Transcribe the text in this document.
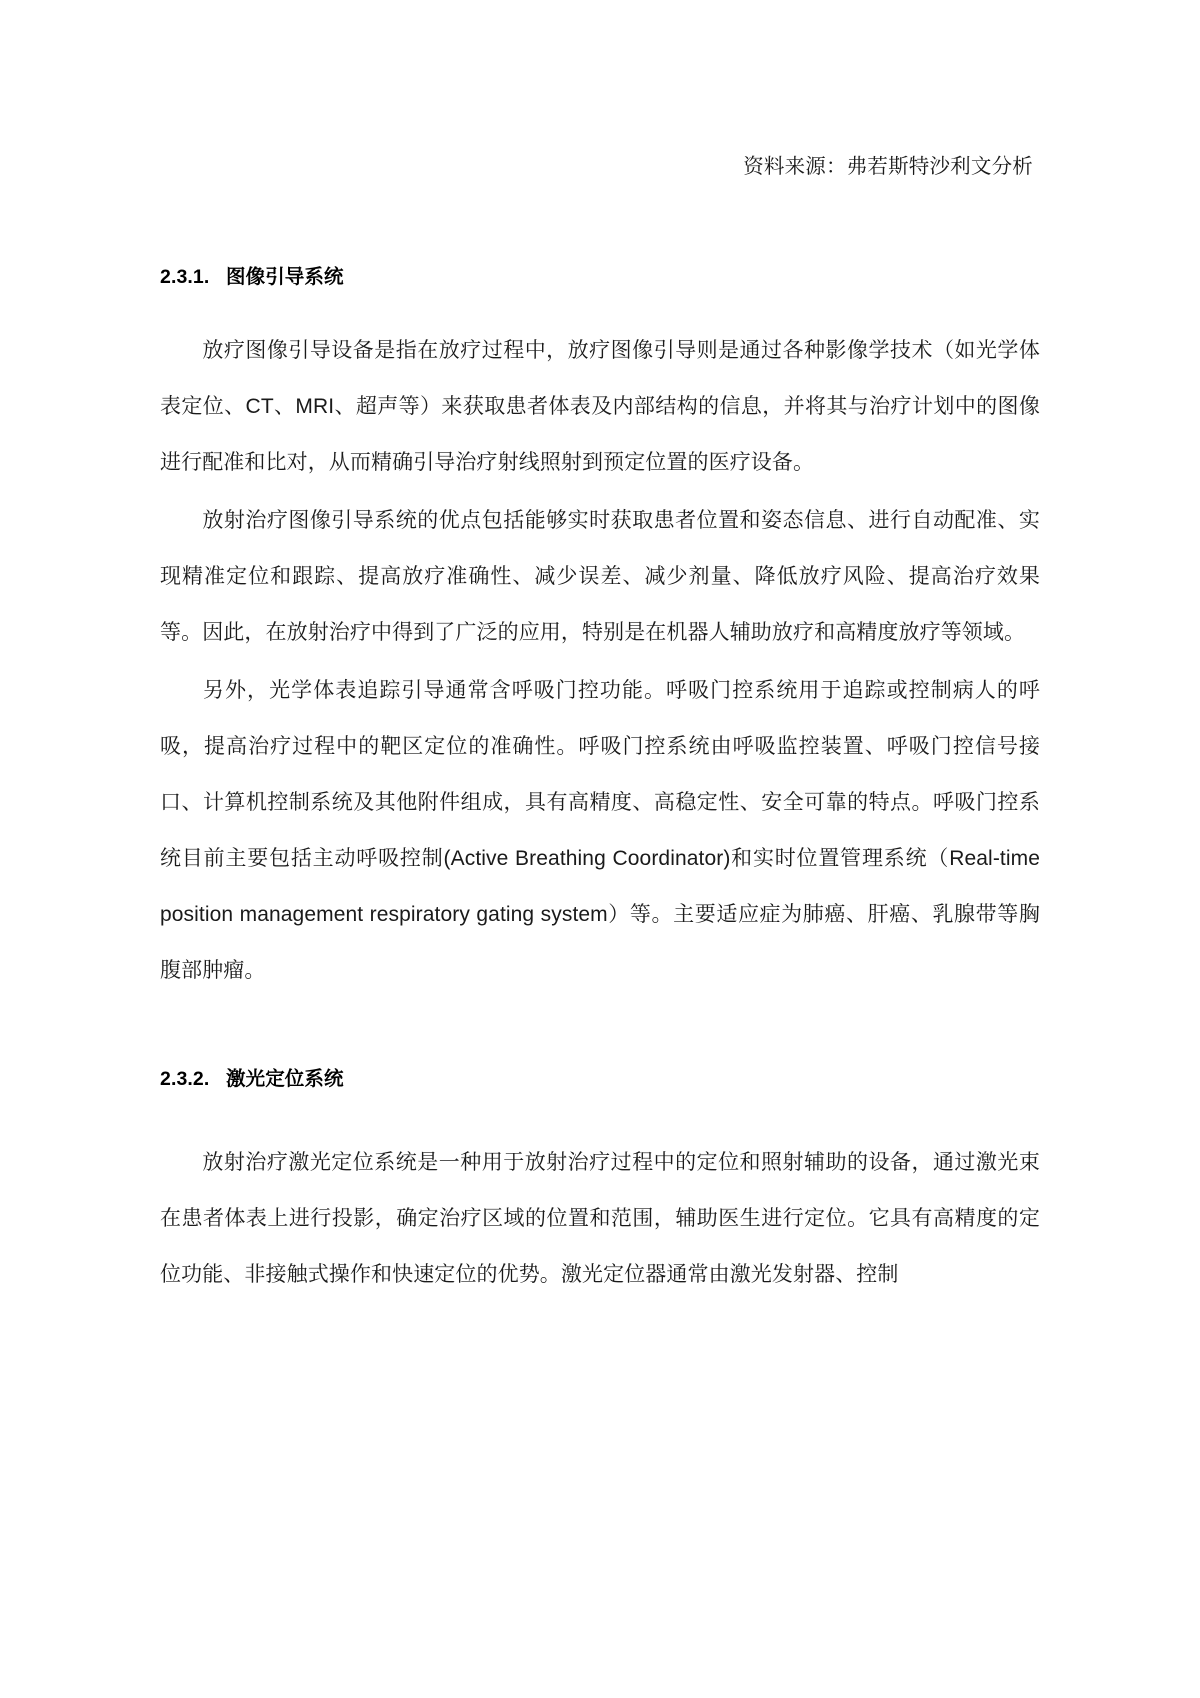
资料来源：弗若斯特沙利文分析
2.3.1. 图像引导系统

放疗图像引导设备是指在放疗过程中，放疗图像引导则是通过各种影像学技术（如光学体表定位、CT、MRI、超声等）来获取患者体表及内部结构的信息，并将其与治疗计划中的图像进行配准和比对，从而精确引导治疗射线照射到预定位置的医疗设备。

放射治疗图像引导系统的优点包括能够实时获取患者位置和姿态信息、进行自动配准、实现精准定位和跟踪、提高放疗准确性、减少误差、减少剂量、降低放疗风险、提高治疗效果等。因此，在放射治疗中得到了广泛的应用，特别是在机器人辅助放疗和高精度放疗等领域。

另外，光学体表追踪引导通常含呼吸门控功能。呼吸门控系统用于追踪或控制病人的呼吸，提高治疗过程中的靶区定位的准确性。呼吸门控系统由呼吸监控装置、呼吸门控信号接口、计算机控制系统及其他附件组成，具有高精度、高稳定性、安全可靠的特点。呼吸门控系统目前主要包括主动呼吸控制(Active Breathing Coordinator)和实时位置管理系统（Real-time position management respiratory gating system）等。主要适应症为肺癌、肝癌、乳腺带等胸腹部肿瘤。

2.3.2. 激光定位系统

放射治疗激光定位系统是一种用于放射治疗过程中的定位和照射辅助的设备，通过激光束在患者体表上进行投影，确定治疗区域的位置和范围，辅助医生进行定位。它具有高精度的定位功能、非接触式操作和快速定位的优势。激光定位器通常由激光发射器、控制
